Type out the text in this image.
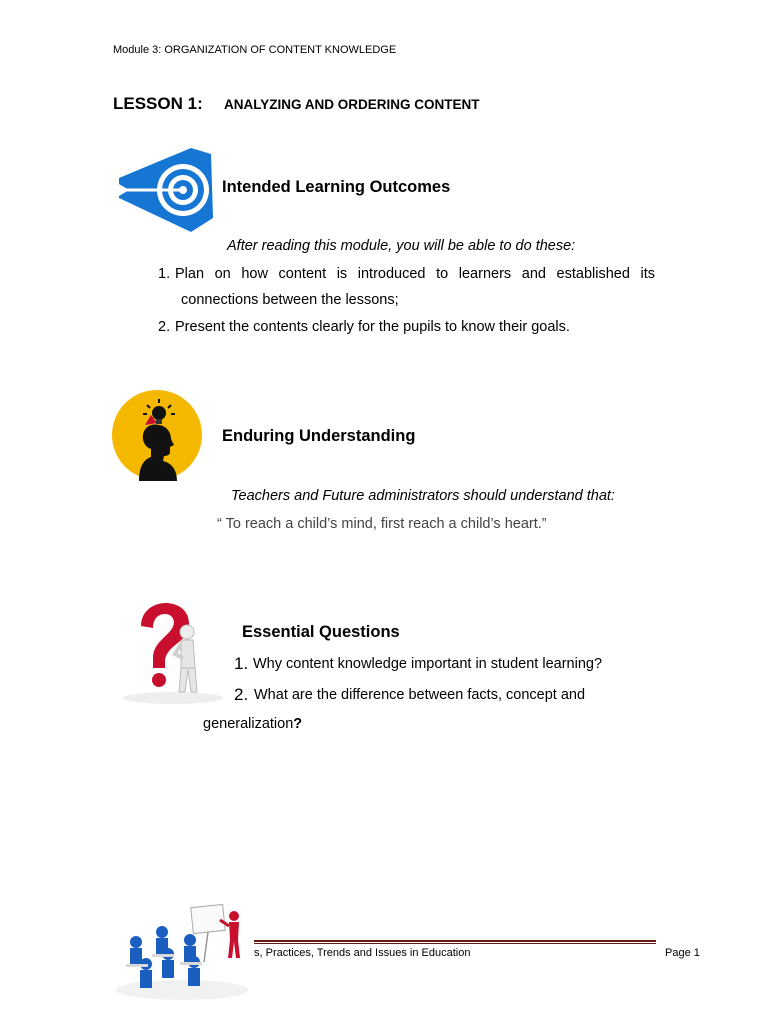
Module 3: ORGANIZATION OF CONTENT KNOWLEDGE
LESSON 1: ANALYZING AND ORDERING CONTENT
Intended Learning Outcomes
After reading this module, you will be able to do these:
1. Plan on how content is introduced to learners and established its
connections between the lessons;
2. Present the contents clearly for the pupils to know their goals.
Enduring Understanding
Teachers and Future administrators should understand that:
“ To reach a child’s mind, first reach a child’s heart.”
Essential Questions
1. Why content knowledge important in student learning?
2. What are the difference between facts, concept and
generalization?
s, Practices, Trends and Issues in Education	Page 1
